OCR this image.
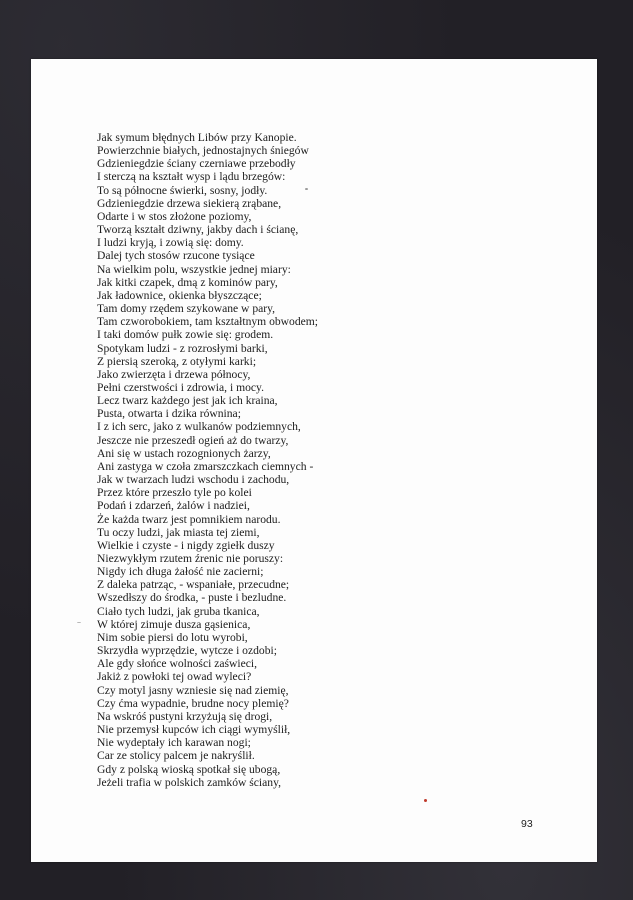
Jak symum błędnych Libów przy Kanopie.
Powierzchnie białych, jednostajnych śniegów
Gdzieniegdzie ściany czerniawe przebodły
I sterczą na kształt wysp i lądu brzegów:
To są północne świerki, sosny, jodły.
Gdzieniegdzie drzewa siekierą zrąbane,
Odarte i w stos złożone poziomy,
Tworzą kształt dziwny, jakby dach i ścianę,
I ludzi kryją, i zowią się: domy.
Dalej tych stosów rzucone tysiące
Na wielkim polu, wszystkie jednej miary:
Jak kitki czapek, dmą z kominów pary,
Jak ładownice, okienka błyszczące;
Tam domy rzędem szykowane w pary,
Tam czworobokiem, tam kształtnym obwodem;
I taki domów pułk zowie się: grodem.
Spotykam ludzi - z rozrosłymi barki,
Z piersią szeroką, z otyłymi karki;
Jako zwierzęta i drzewa północy,
Pełni czerstwości i zdrowia, i mocy.
Lecz twarz każdego jest jak ich kraina,
Pusta, otwarta i dzika równina;
I z ich serc, jako z wulkanów podziemnych,
Jeszcze nie przeszedł ogień aż do twarzy,
Ani się w ustach rozognionych żarzy,
Ani zastyga w czoła zmarszczkach ciemnych -
Jak w twarzach ludzi wschodu i zachodu,
Przez które przeszło tyle po kolei
Podań i zdarzeń, żalów i nadziei,
Że każda twarz jest pomnikiem narodu.
Tu oczy ludzi, jak miasta tej ziemi,
Wielkie i czyste - i nigdy zgiełk duszy
Niezwykłym rzutem źrenic nie poruszy:
Nigdy ich długa żałość nie zacierni;
Z daleka patrząc, - wspaniałe, przecudne;
Wszedłszy do środka, - puste i bezludne.
Ciało tych ludzi, jak gruba tkanica,
W której zimuje dusza gąsienica,
Nim sobie piersi do lotu wyrobi,
Skrzydła wyprzędzie, wytcze i ozdobi;
Ale gdy słońce wolności zaświeci,
Jakiż z powłoki tej owad wyleci?
Czy motyl jasny wzniesie się nad ziemię,
Czy ćma wypadnie, brudne nocy plemię?
Na wskróś pustyni krzyżują się drogi,
Nie przemysł kupców ich ciągi wymyślił,
Nie wydeptały ich karawan nogi;
Car ze stolicy palcem je nakryślił.
Gdy z polską wioską spotkał się ubogą,
Jeżeli trafia w polskich zamków ściany,
93
